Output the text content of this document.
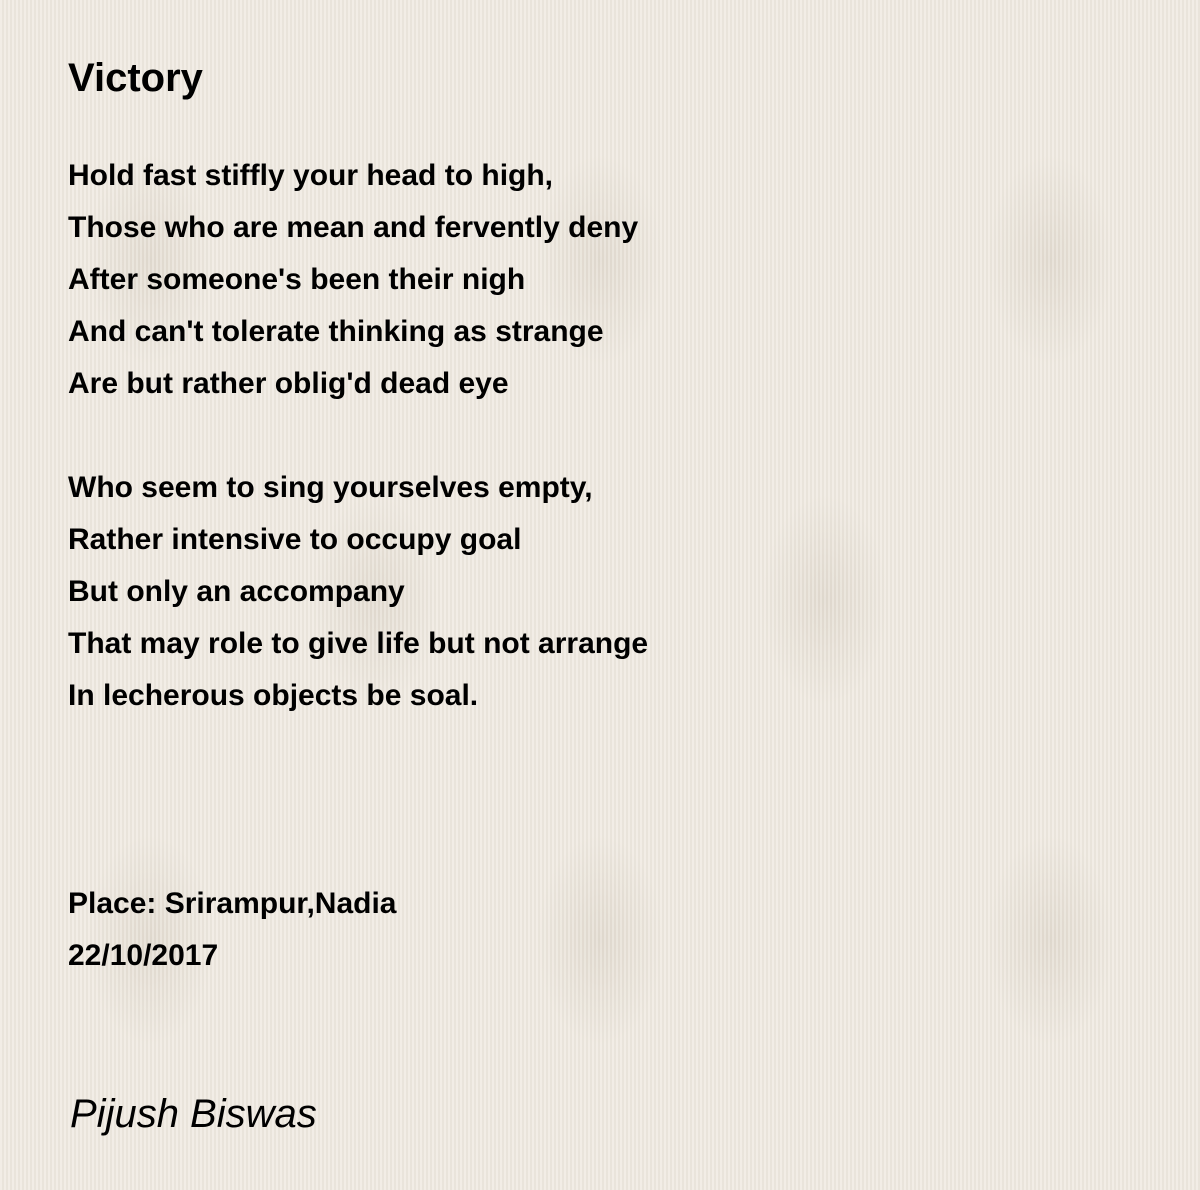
Victory
Hold fast stiffly your head to high,
Those who are mean and fervently deny
After someone's been their nigh
And can't tolerate thinking as strange
Are but rather oblig'd dead eye
Who seem to sing yourselves empty,
Rather intensive to occupy goal
But only an accompany
That may role to give life but not arrange
In lecherous objects be soal.
Place: Srirampur,Nadia
22/10/2017
Pijush Biswas
